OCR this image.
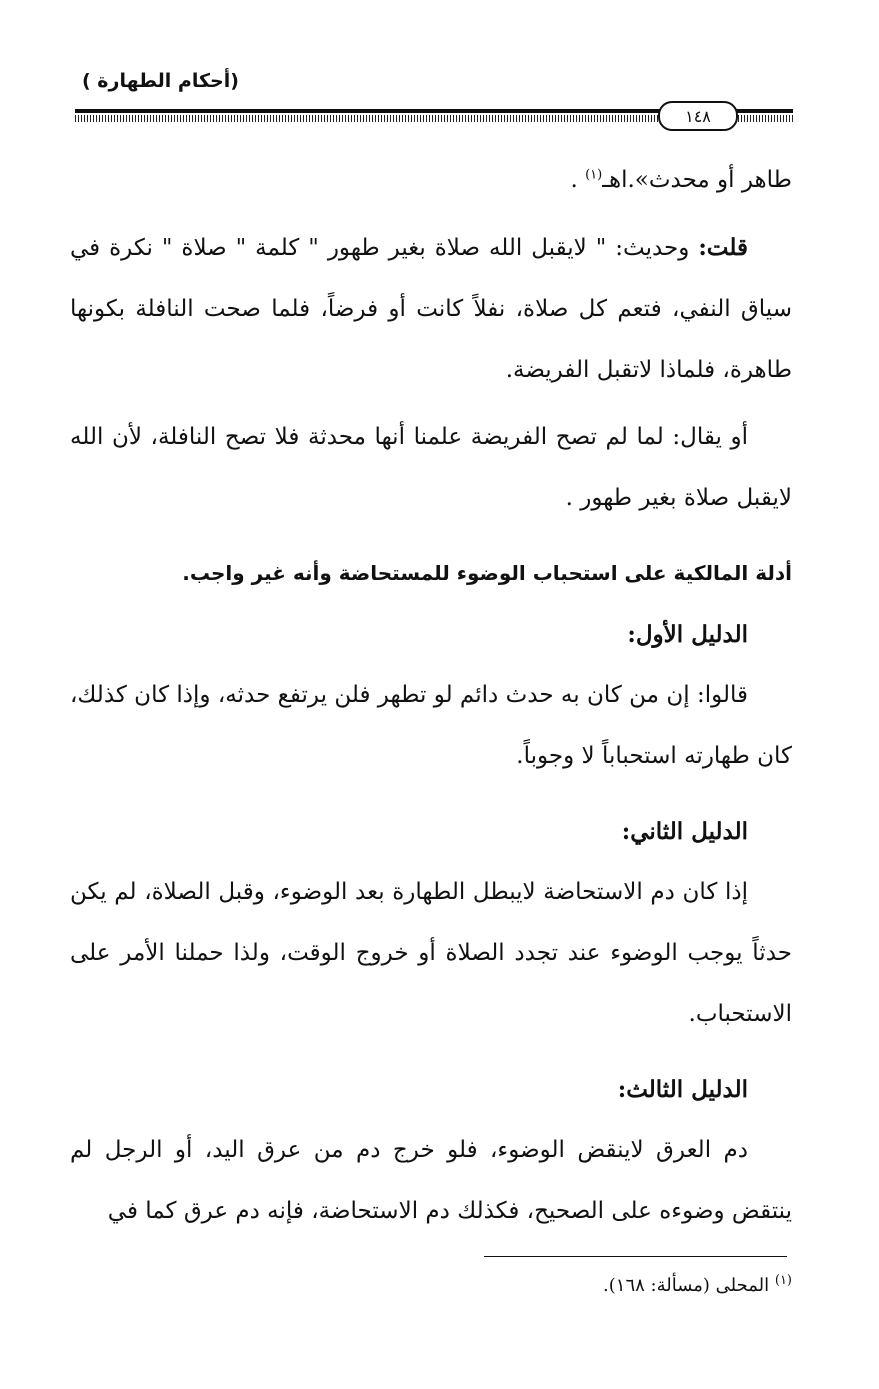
(أحكام الطهارة )
١٤٨

طاهر أو محدث».اهـ$^{(١)}$ .

قلت: وحديث: " لايقبل الله صلاة بغير طهور " كلمة " صلاة " نكرة في سياق النفي، فتعم كل صلاة، نفلاً كانت أو فرضاً، فلما صحت النافلة بكونها طاهرة، فلماذا لاتقبل الفريضة.

أو يقال: لما لم تصح الفريضة علمنا أنها محدثة فلا تصح النافلة، لأن الله لايقبل صلاة بغير طهور .

أدلة المالكية على استحباب الوضوء للمستحاضة وأنه غير واجب.

الدليل الأول:

قالوا: إن من كان به حدث دائم لو تطهر فلن يرتفع حدثه، وإذا كان كذلك، كان طهارته استحباباً لا وجوباً.

الدليل الثاني:

إذا كان دم الاستحاضة لايبطل الطهارة بعد الوضوء، وقبل الصلاة، لم يكن حدثاً يوجب الوضوء عند تجدد الصلاة أو خروج الوقت، ولذا حملنا الأمر على الاستحباب.

الدليل الثالث:

دم العرق لاينقض الوضوء، فلو خرج دم من عرق اليد، أو الرجل لم ينتقض وضوءه على الصحيح، فكذلك دم الاستحاضة، فإنه دم عرق كما في

$^{(١)}$ المحلى (مسألة: ١٦٨).
